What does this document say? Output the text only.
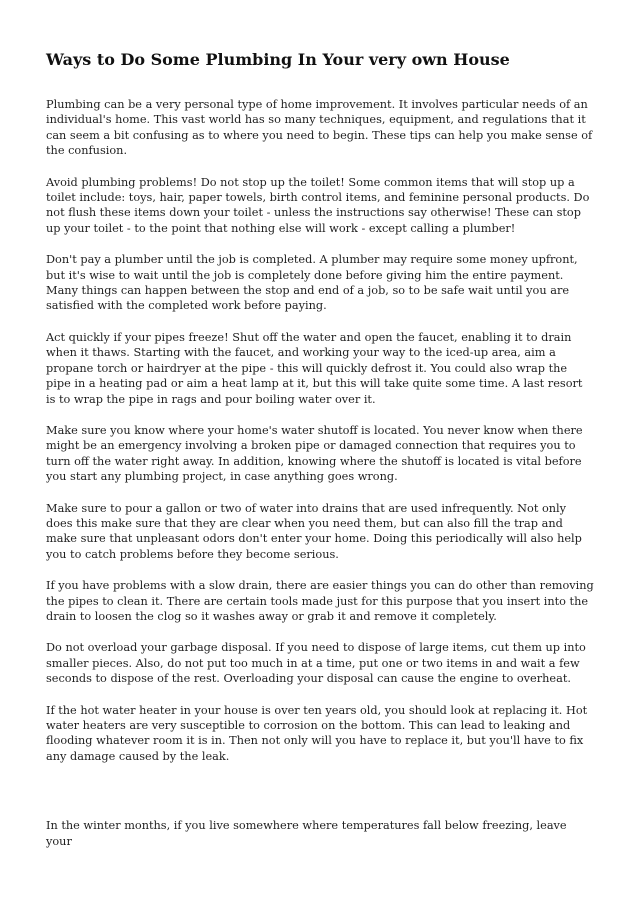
Ways to Do Some Plumbing In Your very own House

Plumbing can be a very personal type of home improvement. It involves particular needs of an individual's home. This vast world has so many techniques, equipment, and regulations that it can seem a bit confusing as to where you need to begin. These tips can help you make sense of the confusion.

Avoid plumbing problems! Do not stop up the toilet! Some common items that will stop up a toilet include: toys, hair, paper towels, birth control items, and feminine personal products. Do not flush these items down your toilet - unless the instructions say otherwise! These can stop up your toilet - to the point that nothing else will work - except calling a plumber!

Don't pay a plumber until the job is completed. A plumber may require some money upfront, but it's wise to wait until the job is completely done before giving him the entire payment. Many things can happen between the stop and end of a job, so to be safe wait until you are satisfied with the completed work before paying.

Act quickly if your pipes freeze! Shut off the water and open the faucet, enabling it to drain when it thaws. Starting with the faucet, and working your way to the iced-up area, aim a propane torch or hairdryer at the pipe - this will quickly defrost it. You could also wrap the pipe in a heating pad or aim a heat lamp at it, but this will take quite some time. A last resort is to wrap the pipe in rags and pour boiling water over it.

Make sure you know where your home's water shutoff is located. You never know when there might be an emergency involving a broken pipe or damaged connection that requires you to turn off the water right away. In addition, knowing where the shutoff is located is vital before you start any plumbing project, in case anything goes wrong.

Make sure to pour a gallon or two of water into drains that are used infrequently. Not only does this make sure that they are clear when you need them, but can also fill the trap and make sure that unpleasant odors don't enter your home. Doing this periodically will also help you to catch problems before they become serious.

If you have problems with a slow drain, there are easier things you can do other than removing the pipes to clean it. There are certain tools made just for this purpose that you insert into the drain to loosen the clog so it washes away or grab it and remove it completely.

Do not overload your garbage disposal. If you need to dispose of large items, cut them up into smaller pieces. Also, do not put too much in at a time, put one or two items in and wait a few seconds to dispose of the rest. Overloading your disposal can cause the engine to overheat.

If the hot water heater in your house is over ten years old, you should look at replacing it. Hot water heaters are very susceptible to corrosion on the bottom. This can lead to leaking and flooding whatever room it is in. Then not only will you have to replace it, but you'll have to fix any damage caused by the leak.

In the winter months, if you live somewhere where temperatures fall below freezing, leave your
